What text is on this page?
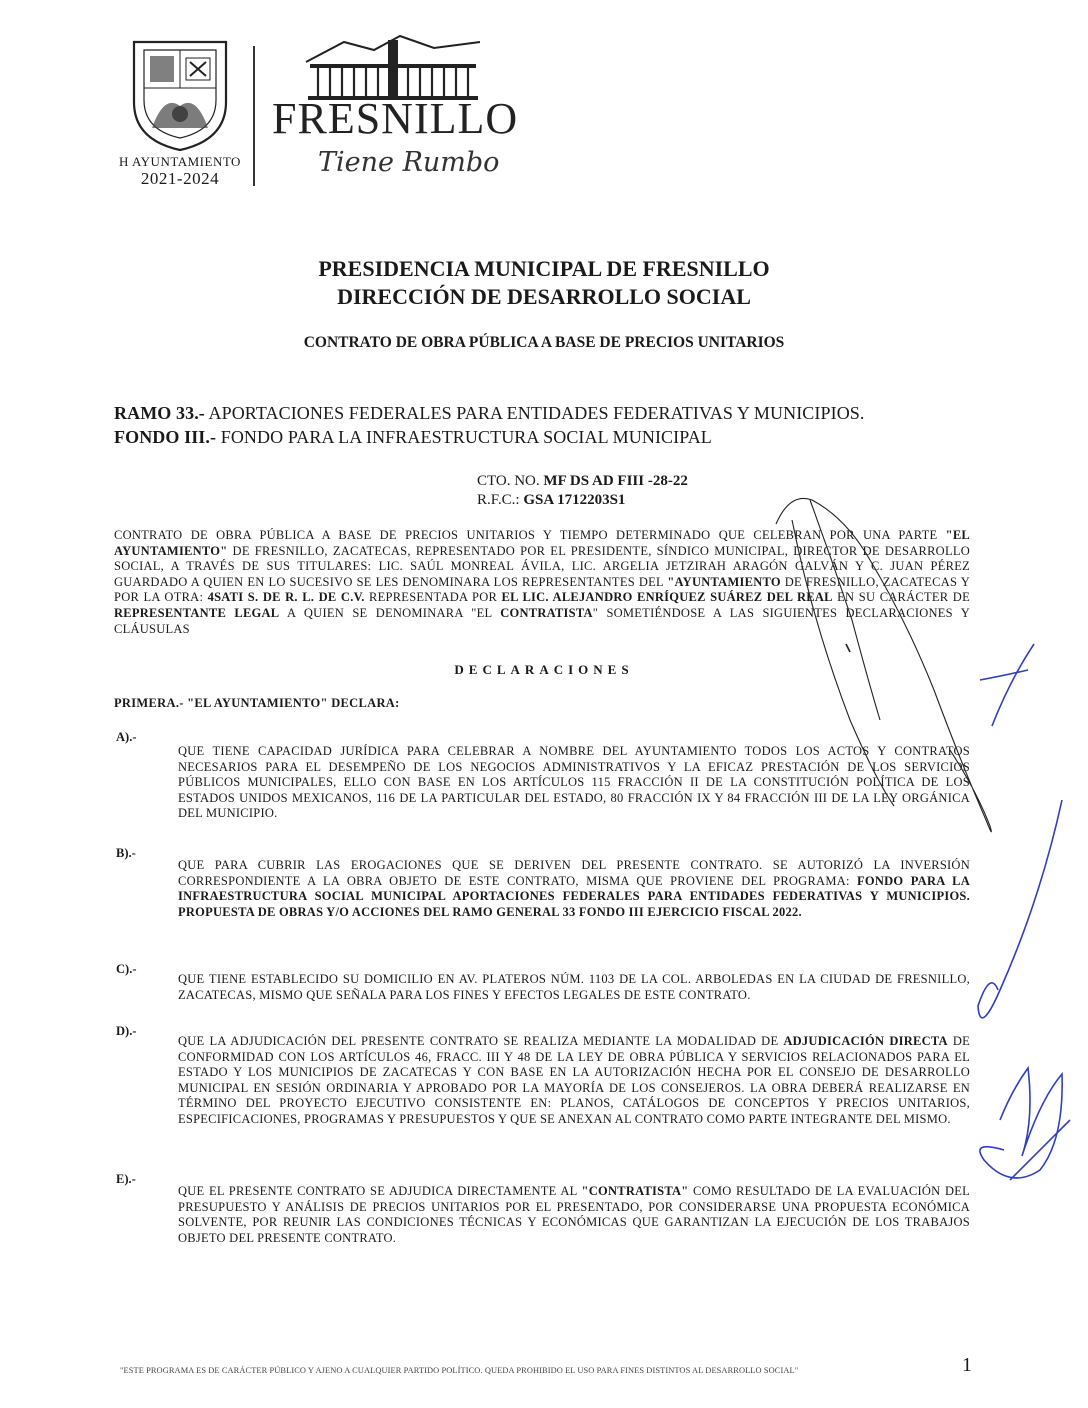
H AYUNTAMIENTO
2021-2024
FRESNILLO
Tiene Rumbo
PRESIDENCIA MUNICIPAL DE FRESNILLO
DIRECCIÓN DE DESARROLLO SOCIAL
CONTRATO DE OBRA PÚBLICA A BASE DE PRECIOS UNITARIOS
RAMO 33.- APORTACIONES FEDERALES PARA ENTIDADES FEDERATIVAS Y MUNICIPIOS.
FONDO III.- FONDO PARA LA INFRAESTRUCTURA SOCIAL MUNICIPAL
CTO. NO. MF DS AD FIII -28-22
R.F.C.: GSA 1712203S1
CONTRATO DE OBRA PÚBLICA A BASE DE PRECIOS UNITARIOS Y TIEMPO DETERMINADO QUE CELEBRAN POR UNA PARTE "EL AYUNTAMIENTO" DE FRESNILLO, ZACATECAS, REPRESENTADO POR EL PRESIDENTE, SÍNDICO MUNICIPAL, DIRECTOR DE DESARROLLO SOCIAL, A TRAVÉS DE SUS TITULARES: LIC. SAÚL MONREAL ÁVILA, LIC. ARGELIA JETZIRAH ARAGÓN GALVÁN Y C. JUAN PÉREZ GUARDADO A QUIEN EN LO SUCESIVO SE LES DENOMINARA LOS REPRESENTANTES DEL "AYUNTAMIENTO DE FRESNILLO, ZACATECAS Y POR LA OTRA: 4SATI S. DE R. L. DE C.V. REPRESENTADA POR EL LIC. ALEJANDRO ENRÍQUEZ SUÁREZ DEL REAL EN SU CARÁCTER DE REPRESENTANTE LEGAL A QUIEN SE DENOMINARA "EL CONTRATISTA" SOMETIÉNDOSE A LAS SIGUIENTES DECLARACIONES Y CLÁUSULAS
DECLARACIONES
PRIMERA.- "EL AYUNTAMIENTO" DECLARA:
A).-
QUE TIENE CAPACIDAD JURÍDICA PARA CELEBRAR A NOMBRE DEL AYUNTAMIENTO TODOS LOS ACTOS Y CONTRATOS NECESARIOS PARA EL DESEMPEÑO DE LOS NEGOCIOS ADMINISTRATIVOS Y LA EFICAZ PRESTACIÓN DE LOS SERVICIOS PÚBLICOS MUNICIPALES, ELLO CON BASE EN LOS ARTÍCULOS 115 FRACCIÓN II DE LA CONSTITUCIÓN POLÍTICA DE LOS ESTADOS UNIDOS MEXICANOS, 116 DE LA PARTICULAR DEL ESTADO, 80 FRACCIÓN IX Y 84 FRACCIÓN III DE LA LEY ORGÁNICA DEL MUNICIPIO.
B).-
QUE PARA CUBRIR LAS EROGACIONES QUE SE DERIVEN DEL PRESENTE CONTRATO. SE AUTORIZÓ LA INVERSIÓN CORRESPONDIENTE A LA OBRA OBJETO DE ESTE CONTRATO, MISMA QUE PROVIENE DEL PROGRAMA: FONDO PARA LA INFRAESTRUCTURA SOCIAL MUNICIPAL APORTACIONES FEDERALES PARA ENTIDADES FEDERATIVAS Y MUNICIPIOS. PROPUESTA DE OBRAS Y/O ACCIONES DEL RAMO GENERAL 33 FONDO III EJERCICIO FISCAL 2022.
C).-
QUE TIENE ESTABLECIDO SU DOMICILIO EN AV. PLATEROS NÚM. 1103 DE LA COL. ARBOLEDAS EN LA CIUDAD DE FRESNILLO, ZACATECAS, MISMO QUE SEÑALA PARA LOS FINES Y EFECTOS LEGALES DE ESTE CONTRATO.
D).-
QUE LA ADJUDICACIÓN DEL PRESENTE CONTRATO SE REALIZA MEDIANTE LA MODALIDAD DE ADJUDICACIÓN DIRECTA DE CONFORMIDAD CON LOS ARTÍCULOS 46, FRACC. III Y 48 DE LA LEY DE OBRA PÚBLICA Y SERVICIOS RELACIONADOS PARA EL ESTADO Y LOS MUNICIPIOS DE ZACATECAS Y CON BASE EN LA AUTORIZACIÓN HECHA POR EL CONSEJO DE DESARROLLO MUNICIPAL EN SESIÓN ORDINARIA Y APROBADO POR LA MAYORÍA DE LOS CONSEJEROS. LA OBRA DEBERÁ REALIZARSE EN TÉRMINO DEL PROYECTO EJECUTIVO CONSISTENTE EN: PLANOS, CATÁLOGOS DE CONCEPTOS Y PRECIOS UNITARIOS, ESPECIFICACIONES, PROGRAMAS Y PRESUPUESTOS Y QUE SE ANEXAN AL CONTRATO COMO PARTE INTEGRANTE DEL MISMO.
E).-
QUE EL PRESENTE CONTRATO SE ADJUDICA DIRECTAMENTE AL "CONTRATISTA" COMO RESULTADO DE LA EVALUACIÓN DEL PRESUPUESTO Y ANÁLISIS DE PRECIOS UNITARIOS POR EL PRESENTADO, POR CONSIDERARSE UNA PROPUESTA ECONÓMICA SOLVENTE, POR REUNIR LAS CONDICIONES TÉCNICAS Y ECONÓMICAS QUE GARANTIZAN LA EJECUCIÓN DE LOS TRABAJOS OBJETO DEL PRESENTE CONTRATO.
"ESTE PROGRAMA ES DE CARÁCTER PÚBLICO Y AJENO A CUALQUIER PARTIDO POLÍTICO. QUEDA PROHIBIDO EL USO PARA FINES DISTINTOS AL DESARROLLO SOCIAL"	1
